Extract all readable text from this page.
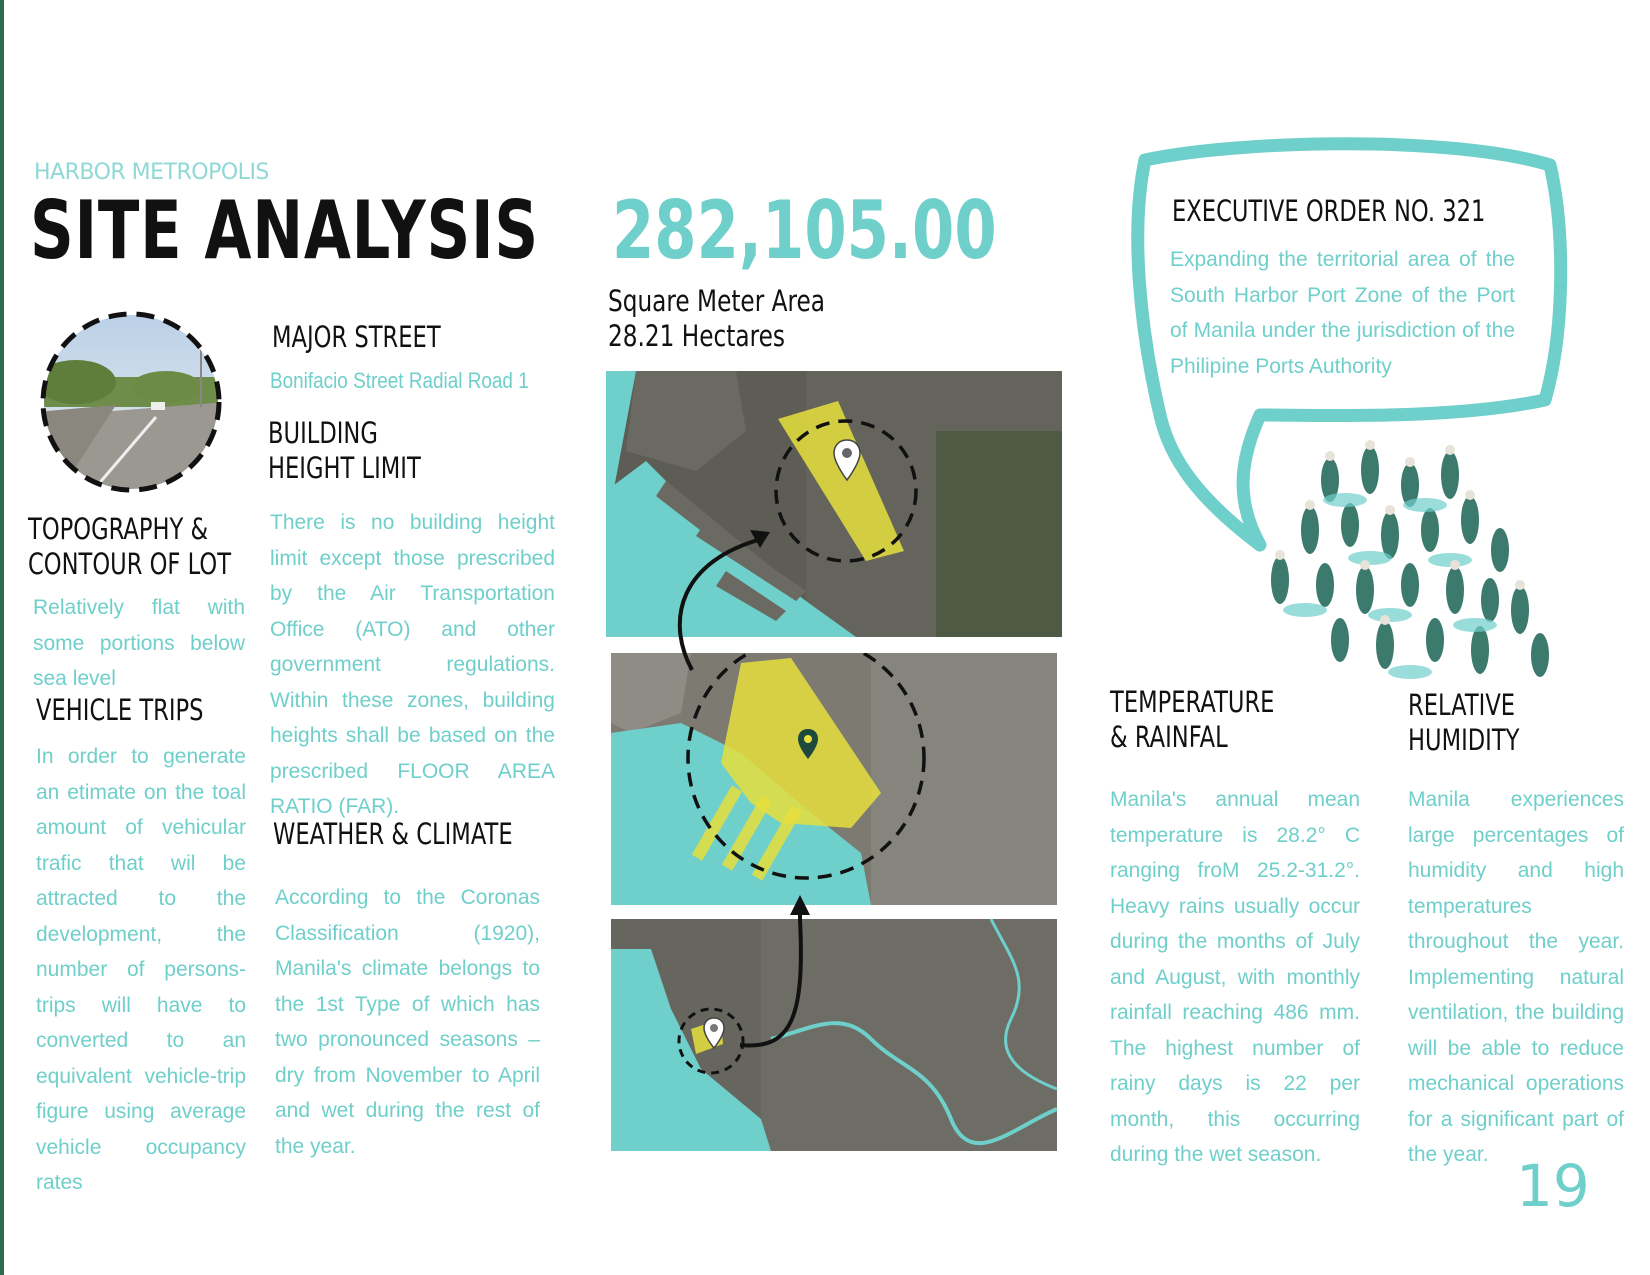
HARBOR METROPOLIS
SITE ANALYSIS 282,105.00
Square Meter Area
28.21 Hectares
MAJOR STREET
Bonifacio Street Radial Road 1
BUILDING
HEIGHT LIMIT
There is no building height limit except those prescribed by the Air Transportation Office (ATO) and other government regulations. Within these zones, building heights shall be based on the prescribed FLOOR AREA RATIO (FAR).
TOPOGRAPHY &
CONTOUR OF LOT
Relatively flat with some portions below sea level
VEHICLE TRIPS
In order to generate an etimate on the toal amount of vehicular trafic that wil be attracted to the development, the number of persons-trips will have to converted to an equivalent vehicle-trip figure using average vehicle occupancy rates
WEATHER & CLIMATE
According to the Coronas Classification (1920), Manila's climate belongs to the 1st Type of which has two pronounced seasons – dry from November to April and wet during the rest of the year.
EXECUTIVE ORDER NO. 321
Expanding the territorial area of the South Harbor Port Zone of the Port of Manila under the jurisdiction of the Philipine Ports Authority
TEMPERATURE
& RAINFAL
Manila's annual mean temperature is 28.2° C ranging froM 25.2-31.2°. Heavy rains usually occur during the months of July and August, with monthly rainfall reaching 486 mm. The highest number of rainy days is 22 per month, this occurring during the wet season.
RELATIVE
HUMIDITY
Manila experiences large percentages of humidity and high temperatures throughout the year. Implementing natural ventilation, the building will be able to reduce mechanical operations for a significant part of the year. 19
